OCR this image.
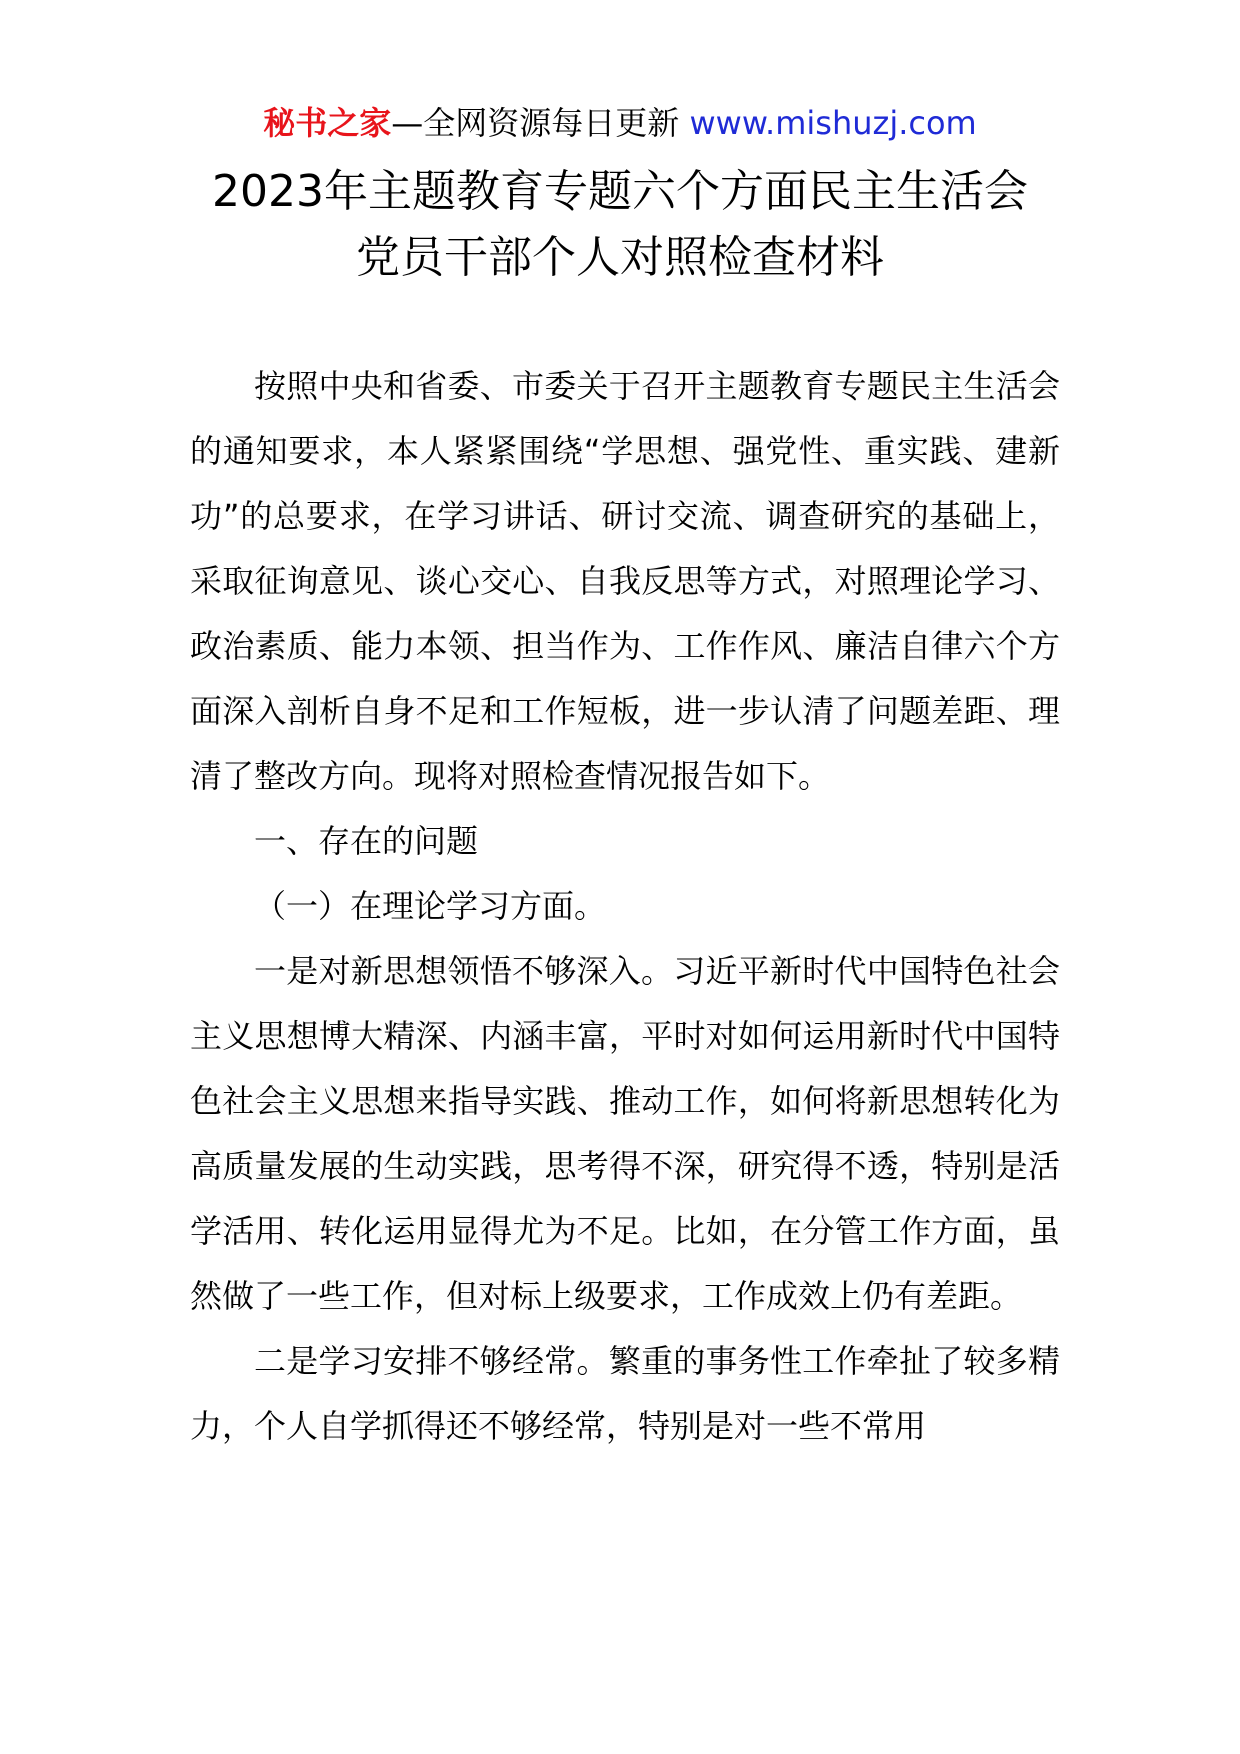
秘书之家—全网资源每日更新 www.mishuzj.com
2023年主题教育专题六个方面民主生活会
党员干部个人对照检查材料

按照中央和省委、市委关于召开主题教育专题民主生活会的通知要求，本人紧紧围绕“学思想、强党性、重实践、建新功”的总要求，在学习讲话、研讨交流、调查研究的基础上，采取征询意见、谈心交心、自我反思等方式，对照理论学习、政治素质、能力本领、担当作为、工作作风、廉洁自律六个方面深入剖析自身不足和工作短板，进一步认清了问题差距、理清了整改方向。现将对照检查情况报告如下。

一、存在的问题

（一）在理论学习方面。

一是对新思想领悟不够深入。习近平新时代中国特色社会主义思想博大精深、内涵丰富，平时对如何运用新时代中国特色社会主义思想来指导实践、推动工作，如何将新思想转化为高质量发展的生动实践，思考得不深，研究得不透，特别是活学活用、转化运用显得尤为不足。比如，在分管工作方面，虽然做了一些工作，但对标上级要求，工作成效上仍有差距。

二是学习安排不够经常。繁重的事务性工作牵扯了较多精力，个人自学抓得还不够经常，特别是对一些不常用
